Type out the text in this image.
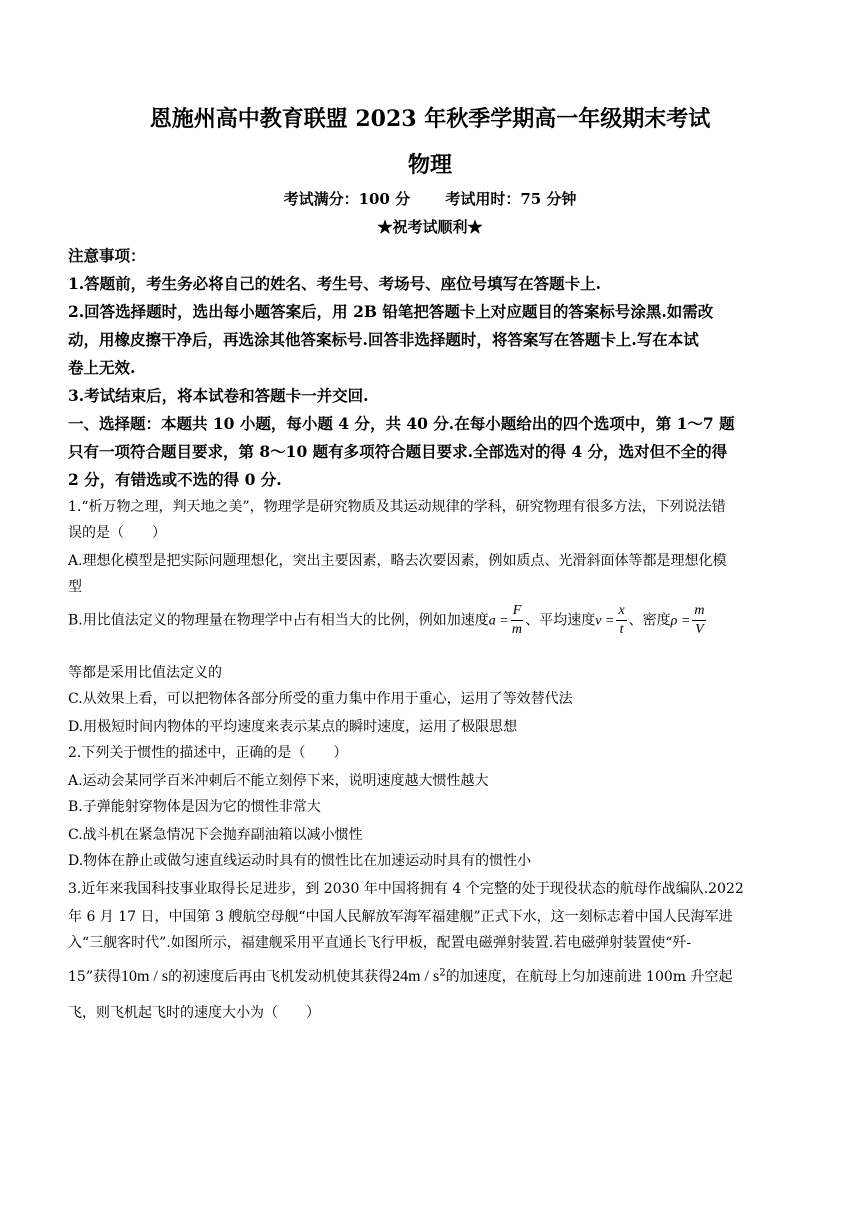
恩施州高中教育联盟 2023 年秋季学期高一年级期末考试
物理
考试满分：100 分　　 考试用时：75 分钟
★祝考试顺利★
注意事项：
1.答题前，考生务必将自己的姓名、考生号、考场号、座位号填写在答题卡上.
2.回答选择题时，选出每小题答案后，用 2B 铅笔把答题卡上对应题目的答案标号涂黑.如需改
动，用橡皮擦干净后，再选涂其他答案标号.回答非选择题时，将答案写在答题卡上.写在本试
卷上无效.
3.考试结束后，将本试卷和答题卡一并交回.
一、选择题：本题共 10 小题，每小题 4 分，共 40 分.在每小题给出的四个选项中，第 1～7 题
只有一项符合题目要求，第 8～10 题有多项符合题目要求.全部选对的得 4 分，选对但不全的得
2 分，有错选或不选的得 0 分.
1.“析万物之理，判天地之美”，物理学是研究物质及其运动规律的学科，研究物理有很多方法，下列说法错
误的是（　　）
A.理想化模型是把实际问题理想化，突出主要因素，略去次要因素，例如质点、光滑斜面体等都是理想化模
型
B.用比值法定义的物理量在物理学中占有相当大的比例，例如加速度$a = \frac{F}{m}$ 、平均速度$v = \frac{x}{t}$ 、密度$\rho = \frac{m}{V}$
等都是采用比值法定义的
C.从效果上看，可以把物体各部分所受的重力集中作用于重心，运用了等效替代法
D.用极短时间内物体的平均速度来表示某点的瞬时速度，运用了极限思想
2.下列关于惯性的描述中，正确的是（　　）
A.运动会某同学百米冲刺后不能立刻停下来，说明速度越大惯性越大
B.子弹能射穿物体是因为它的惯性非常大
C.战斗机在紧急情况下会抛弃副油箱以减小惯性
D.物体在静止或做匀速直线运动时具有的惯性比在加速运动时具有的惯性小
3.近年来我国科技事业取得长足进步，到 2030 年中国将拥有 4 个完整的处于现役状态的航母作战编队.2022
年 6 月 17 日，中国第 3 艘航空母舰“中国人民解放军海军福建舰”正式下水，这一刻标志着中国人民海军进
入“三舰客时代”.如图所示，福建舰采用平直通长飞行甲板，配置电磁弹射装置.若电磁弹射装置使“歼-
15”获得10m / s的初速度后再由飞机发动机使其获得$24m / s^2$的加速度，在航母上匀加速前进 100m 升空起
飞，则飞机起飞时的速度大小为（　　）
